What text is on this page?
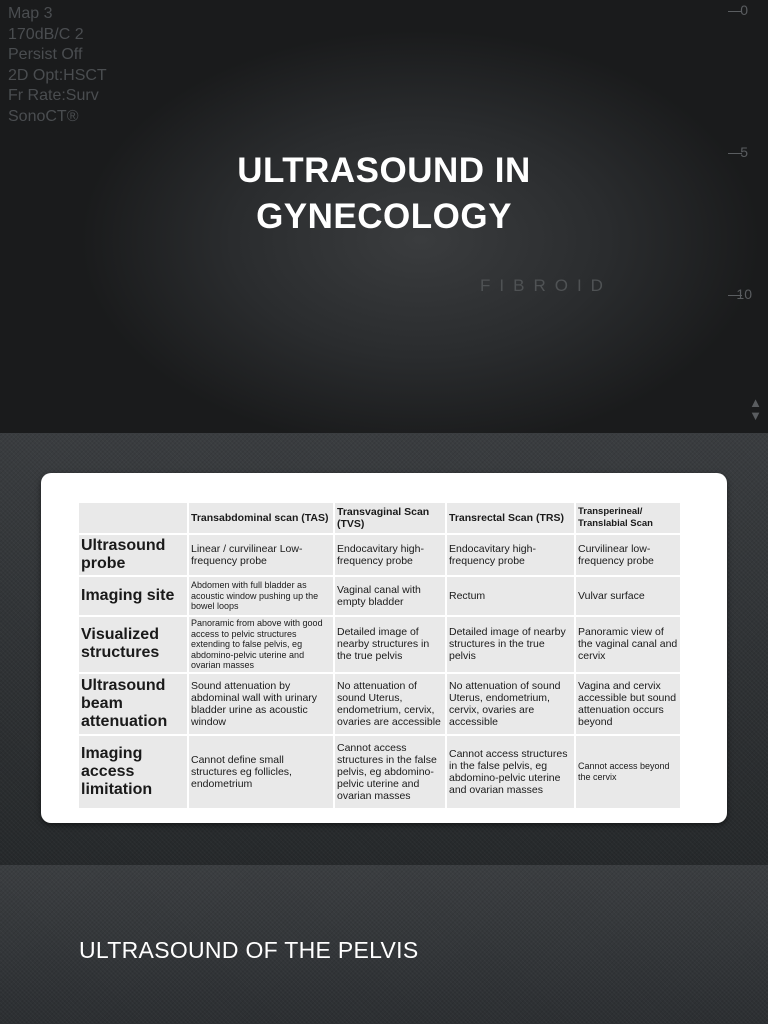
Map 3
170dB/C 2
Persist Off
2D Opt:HSCT
Fr Rate:Surv
SonoCT®
0
5
10
FIBROID
▲
▼
ULTRASOUND IN
GYNECOLOGY
	Transabdominal scan (TAS)	Transvaginal Scan (TVS)	Transrectal Scan (TRS)	Transperineal/ Translabial Scan
Ultrasound probe	Linear / curvilinear Low-frequency probe	Endocavitary high-frequency probe	Endocavitary high-frequency probe	Curvilinear low-frequency probe
Imaging site	Abdomen with full bladder as acoustic window pushing up the bowel loops	Vaginal canal with empty bladder	Rectum	Vulvar surface
Visualized structures	Panoramic from above with good access to pelvic structures extending to false pelvis, eg abdomino-pelvic uterine and ovarian masses	Detailed image of nearby structures in the true pelvis	Detailed image of nearby structures in the true pelvis	Panoramic view of the vaginal canal and cervix
Ultrasound beam attenuation	Sound attenuation by abdominal wall with urinary bladder urine as acoustic window	No attenuation of sound Uterus, endometrium, cervix, ovaries are accessible	No attenuation of sound Uterus, endometrium, cervix, ovaries are accessible	Vagina and cervix accessible but sound attenuation occurs beyond
Imaging access limitation	Cannot define small structures eg follicles, endometrium	Cannot access structures in the false pelvis, eg abdomino-pelvic uterine and ovarian masses	Cannot access structures in the false pelvis, eg abdomino-pelvic uterine and ovarian masses	Cannot access beyond the cervix
ULTRASOUND OF THE PELVIS
